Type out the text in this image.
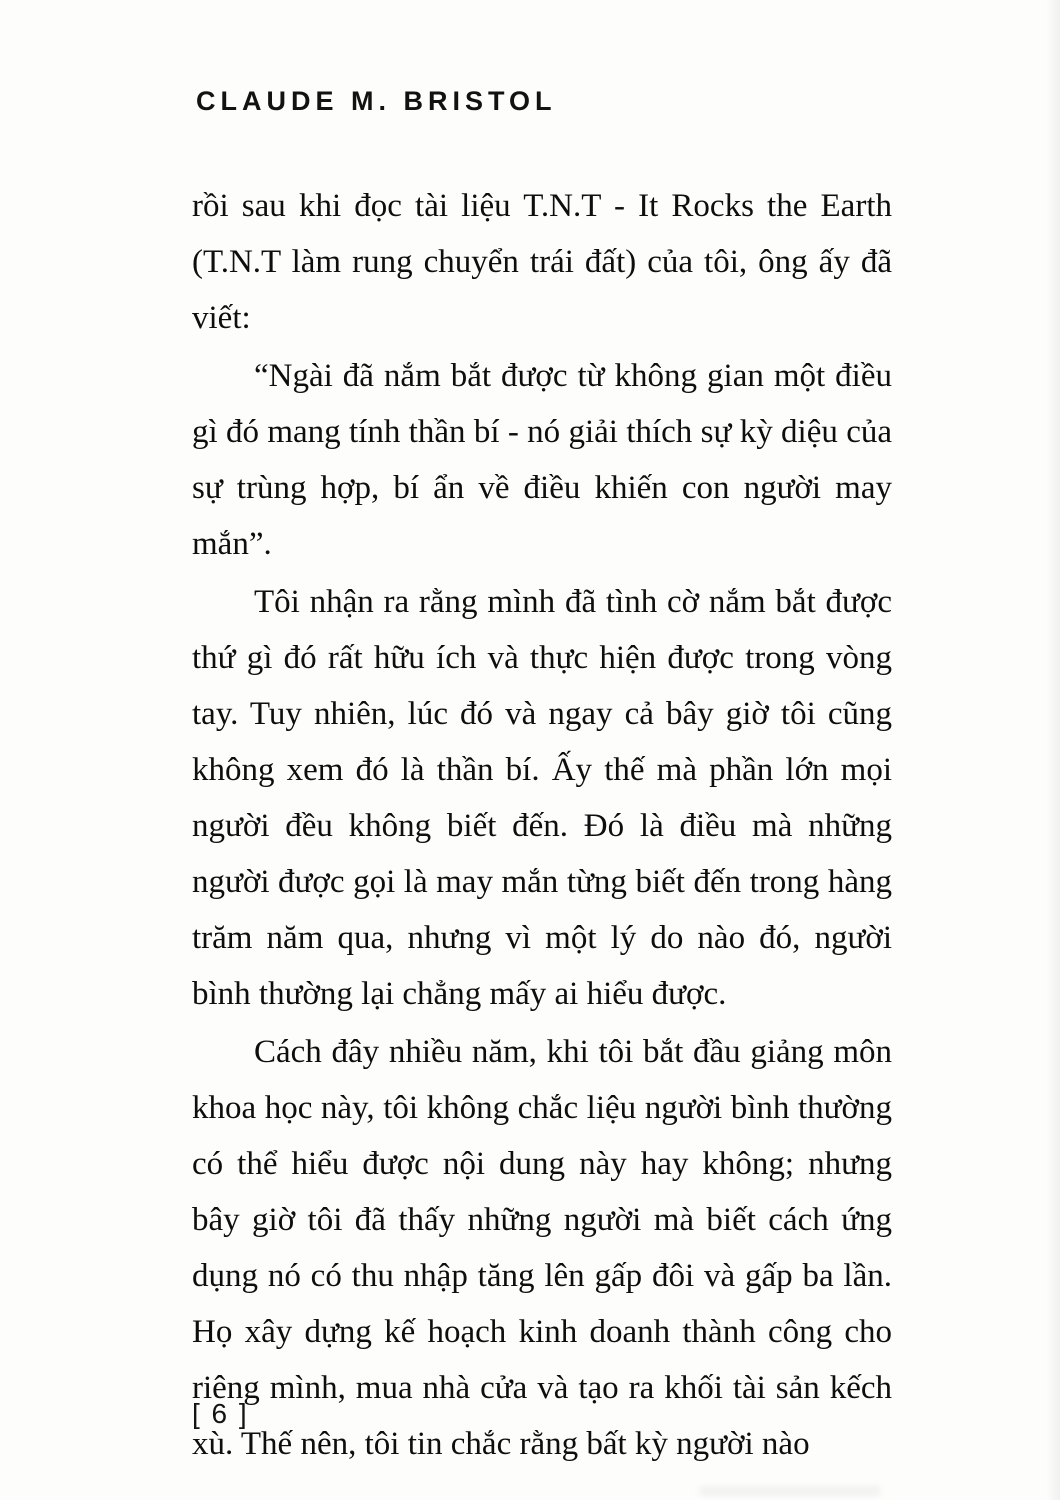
CLAUDE M. BRISTOL

rồi sau khi đọc tài liệu T.N.T - It Rocks the Earth (T.N.T làm rung chuyển trái đất) của tôi, ông ấy đã viết:

“Ngài đã nắm bắt được từ không gian một điều gì đó mang tính thần bí - nó giải thích sự kỳ diệu của sự trùng hợp, bí ẩn về điều khiến con người may mắn”.

Tôi nhận ra rằng mình đã tình cờ nắm bắt được thứ gì đó rất hữu ích và thực hiện được trong vòng tay. Tuy nhiên, lúc đó và ngay cả bây giờ tôi cũng không xem đó là thần bí. Ấy thế mà phần lớn mọi người đều không biết đến. Đó là điều mà những người được gọi là may mắn từng biết đến trong hàng trăm năm qua, nhưng vì một lý do nào đó, người bình thường lại chẳng mấy ai hiểu được.

Cách đây nhiều năm, khi tôi bắt đầu giảng môn khoa học này, tôi không chắc liệu người bình thường có thể hiểu được nội dung này hay không; nhưng bây giờ tôi đã thấy những người mà biết cách ứng dụng nó có thu nhập tăng lên gấp đôi và gấp ba lần. Họ xây dựng kế hoạch kinh doanh thành công cho riêng mình, mua nhà cửa và tạo ra khối tài sản kếch xù. Thế nên, tôi tin chắc rằng bất kỳ người nào

[ 6 ]
